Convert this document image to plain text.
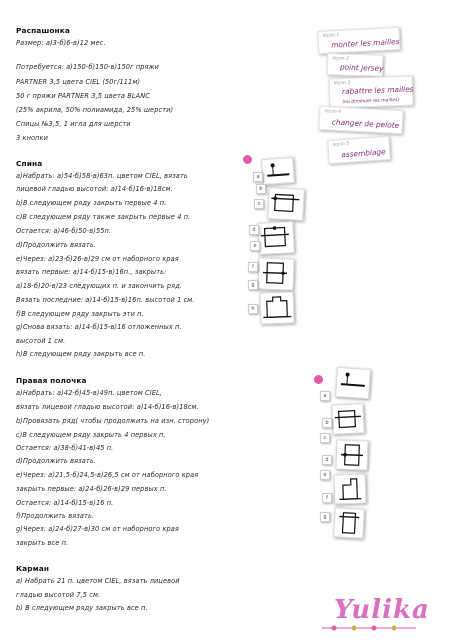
Распашонка
Размер: а)3-б)6-в)12 мес.
Потребуется: а)150-б)150-в)150г пряжи
PARTNER 3,5 цвета CIEL (50г/111м)
50 г пряжи PARTNER 3,5 цвета BLANC
(25% акрила, 50% полиамида, 25% шерсти)
Спицы №3,5, 1 игла для шерсти
3 кнопки
Спина
а)Набрать: а)54-б)58-в)63п. цветом CIEL, вязать
лицевой гладью высотой: а)14-б)16-в)18см.
b)В следующем ряду закрыть первые 4 п.
с)В следующем ряду также закрыть первые 4 п.
Остается: а)46-б)50-в)55п.
d)Продолжить вязать.
е)Через: а)23-б)26-в)29 см от наборного края
вязать первые: а)14-б)15-в)16п., закрыть:
а)18-б)20-в)23 следующих п. и закончить ряд.
Вязать последние: а)14-б)15-в)16п. высотой 1 см.
f)В следующем ряду закрыть эти п.
g)Снова вязать: а)14-б)15-в)16 отложенных п.
высотой 1 см.
h)В следующем ряду закрыть все п.
Правая полочка
а)Набрать: а)42-б)45-в)49п. цветом CIEL,
вязать лицевой гладью высотой: а)14-б)16-в)18см.
b)Провязать ряд( чтобы продолжить на изн. сторону)
с)В следующем ряду закрыть 4 первых п.
Остается: а)38-б)41-в)45 п.
d)Продолжить вязать.
е)Через: а)21,5-б)24,5-в)26,5 см от наборного края
закрыть первые: а)24-б)26-в)29 первых п.
Остается: а)14-б)15-в)16 п.
f)Продолжить вязать.
g)Через: а)24-б)27-в)30 см от наборного края
закрыть все п.
Карман
а) Набрать 21 п. цветом CIEL, вязать лицевой
гладью высотой 7,5 см.
b) В следующем ряду закрыть все п.
leçon 1
monter les mailles
leçon 2
point jersey
leçon 3
rabattre les mailles
(ou diminuer les mailles)
leçon 4
changer de pelote
leçon 5
assemblage
a
b
c
d
e
f
g
h
a
b
c
d
e
f
g
Yulika
